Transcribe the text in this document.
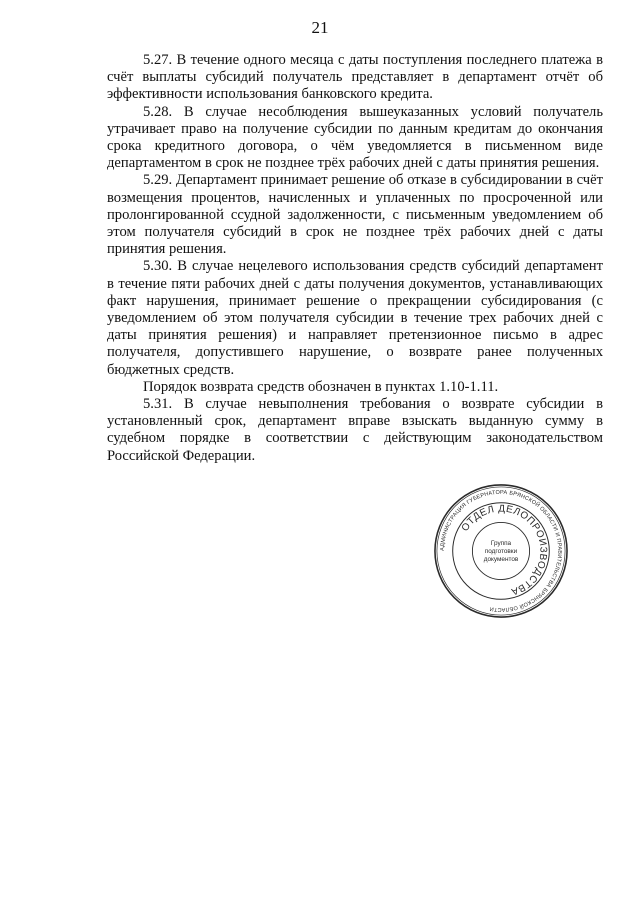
21

5.27. В течение одного месяца с даты поступления последнего платежа в счёт выплаты субсидий получатель представляет в департамент отчёт об эффективности использования банковского кредита.

5.28. В случае несоблюдения вышеуказанных условий получатель утрачивает право на получение субсидии по данным кредитам до окончания срока кредитного договора, о чём уведомляется в письменном виде департаментом в срок не позднее трёх рабочих дней с даты принятия решения.

5.29. Департамент принимает решение об отказе в субсидировании в счёт возмещения процентов, начисленных и уплаченных по просроченной или пролонгированной ссудной задолженности, с письменным уведомлением об этом получателя субсидий в срок не позднее трёх рабочих дней с даты принятия решения.

5.30. В случае нецелевого использования средств субсидий департамент в течение пяти рабочих дней с даты получения документов, устанавливающих факт нарушения, принимает решение о прекращении субсидирования (с уведомлением об этом получателя субсидии в течение трех рабочих дней с даты принятия решения) и направляет претензионное письмо в адрес получателя, допустившего нарушение, о возврате ранее полученных бюджетных средств.

Порядок возврата средств обозначен в пунктах 1.10-1.11.

5.31. В случае невыполнения требования о возврате субсидии в установленный срок, департамент вправе взыскать выданную сумму в судебном порядке в соответствии с действующим законодательством Российской Федерации.

АДМИНИСТРАЦИЯ ГУБЕРНАТОРА БРЯНСКОЙ ОБЛАСТИ И ПРАВИТЕЛЬСТВА БРЯНСКОЙ ОБЛАСТИ
ОТДЕЛ ДЕЛОПРОИЗВОДСТВА
Группа
подготовки
документов
